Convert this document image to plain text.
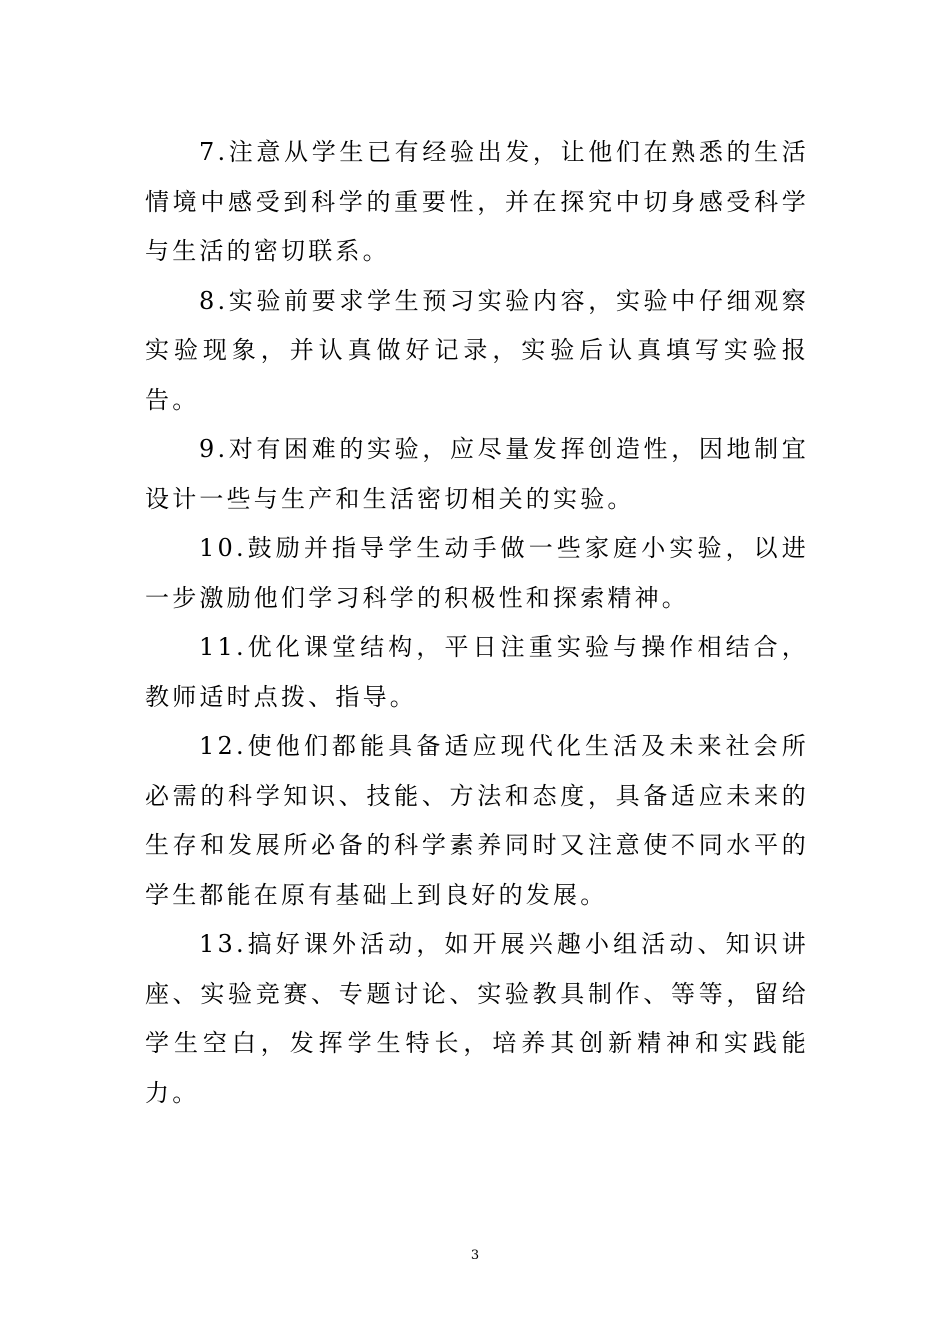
7.注意从学生已有经验出发，让他们在熟悉的生活情境中感受到科学的重要性，并在探究中切身感受科学与生活的密切联系。

8.实验前要求学生预习实验内容，实验中仔细观察实验现象，并认真做好记录，实验后认真填写实验报告。

9.对有困难的实验，应尽量发挥创造性，因地制宜设计一些与生产和生活密切相关的实验。

10.鼓励并指导学生动手做一些家庭小实验，以进一步激励他们学习科学的积极性和探索精神。

11.优化课堂结构，平日注重实验与操作相结合，教师适时点拨、指导。

12.使他们都能具备适应现代化生活及未来社会所必需的科学知识、技能、方法和态度，具备适应未来的生存和发展所必备的科学素养同时又注意使不同水平的学生都能在原有基础上到良好的发展。

13.搞好课外活动，如开展兴趣小组活动、知识讲座、实验竞赛、专题讨论、实验教具制作、等等，留给学生空白，发挥学生特长，培养其创新精神和实践能力。

3
